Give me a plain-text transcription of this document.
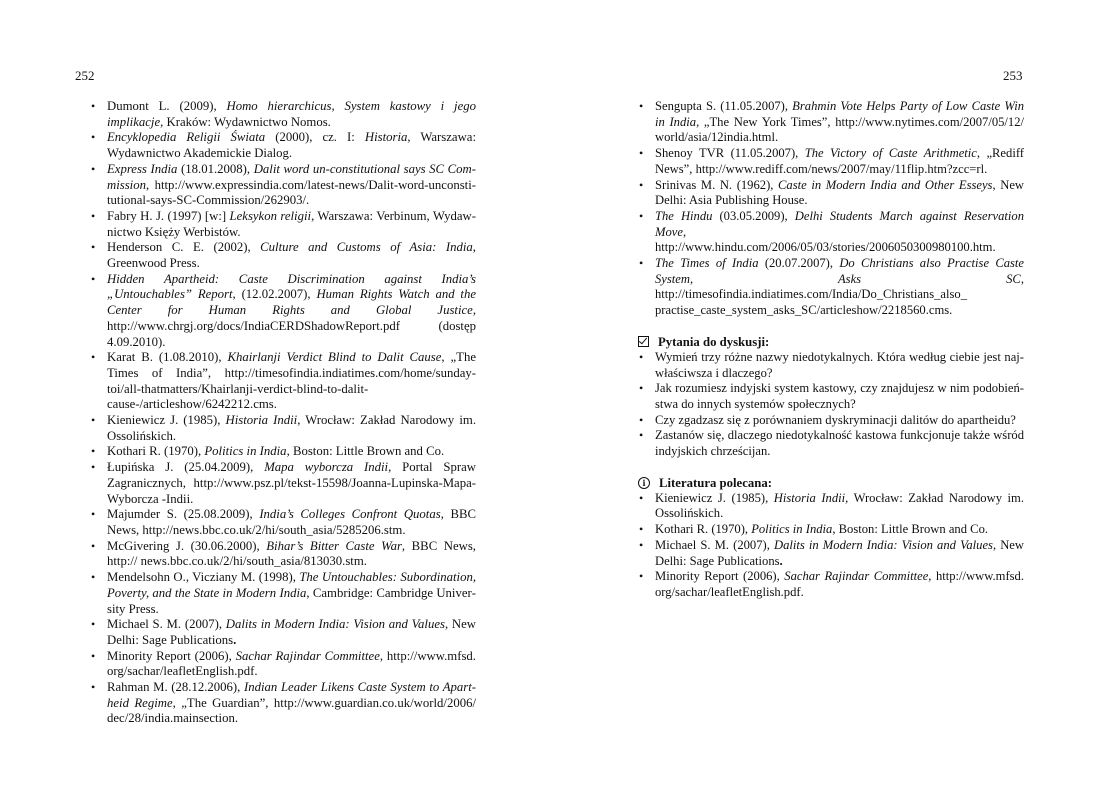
252
• Dumont L. (2009), Homo hierarchicus, System kastowy i jego implikacje, Kraków: Wydawnictwo Nomos.
• Encyklopedia Religii Świata (2000), cz. I: Historia, Warszawa: Wydawnictwo Akademickie Dialog.
• Express India (18.01.2008), Dalit word un-constitutional says SC Commission, http://www.expressindia.com/latest-news/Dalit-word-unconstitutional-says-SC-Commission/262903/.
• Fabry H. J. (1997) [w:] Leksykon religii, Warszawa: Verbinum, Wydawnictwo Księży Werbistów.
• Henderson C. E. (2002), Culture and Customs of Asia: India, Greenwood Press.
• Hidden Apartheid: Caste Discrimination against India’s „Untouchables” Report, (12.02.2007), Human Rights Watch and the Center for Human Rights and Global Justice, http://www.chrgj.org/docs/IndiaCERDShadowReport.pdf (dostęp 4.09.2010).
• Karat B. (1.08.2010), Khairlanji Verdict Blind to Dalit Cause, „The Times of India”, http://timesofindia.indiatimes.com/home/sunday-toi/all-thatmatters/Khairlanji-verdict-blind-to-dalit-cause-/articleshow/6242212.cms.
• Kieniewicz J. (1985), Historia Indii, Wrocław: Zakład Narodowy im. Ossolińskich.
• Kothari R. (1970), Politics in India, Boston: Little Brown and Co.
• Łupińska J. (25.04.2009), Mapa wyborcza Indii, Portal Spraw Zagranicznych, http://www.psz.pl/tekst-15598/Joanna-Lupinska-Mapa-Wyborcza -Indii.
• Majumder S. (25.08.2009), India’s Colleges Confront Quotas, BBC News, http://news.bbc.co.uk/2/hi/south_asia/5285206.stm.
• McGivering J. (30.06.2000), Bihar’s Bitter Caste War, BBC News, http:// news.bbc.co.uk/2/hi/south_asia/813030.stm.
• Mendelsohn O., Vicziany M. (1998), The Untouchables: Subordination, Poverty, and the State in Modern India, Cambridge: Cambridge University Press.
• Michael S. M. (2007), Dalits in Modern India: Vision and Values, New Delhi: Sage Publications.
• Minority Report (2006), Sachar Rajindar Committee, http://www.mfsd. org/sachar/leafletEnglish.pdf.
• Rahman M. (28.12.2006), Indian Leader Likens Caste System to Apartheid Regime, „The Guardian”, http://www.guardian.co.uk/world/2006/ dec/28/india.mainsection.
253
• Sengupta S. (11.05.2007), Brahmin Vote Helps Party of Low Caste Win in India, „The New York Times”, http://www.nytimes.com/2007/05/12/ world/asia/12india.html.
• Shenoy TVR (11.05.2007), The Victory of Caste Arithmetic, „Rediff News”, http://www.rediff.com/news/2007/may/11flip.htm?zcc=rl.
• Srinivas M. N. (1962), Caste in Modern India and Other Esseys, New Delhi: Asia Publishing House.
• The Hindu (03.05.2009), Delhi Students March against Reservation Move, http://www.hindu.com/2006/05/03/stories/2006050300980100.htm.
• The Times of India (20.07.2007), Do Christians also Practise Caste System, Asks SC, http://timesofindia.indiatimes.com/India/Do_Christians_also_ practise_caste_system_asks_SC/articleshow/2218560.cms.
Pytania do dyskusji:
• Wymień trzy różne nazwy niedotykalnych. Która według ciebie jest najwłaściwsza i dlaczego?
• Jak rozumiesz indyjski system kastowy, czy znajdujesz w nim podobieństwa do innych systemów społecznych?
• Czy zgadzasz się z porównaniem dyskryminacji dalitów do apartheidu?
• Zastanów się, dlaczego niedotykalność kastowa funkcjonuje także wśród indyjskich chrześcijan.
i	Literatura polecana:
• Kieniewicz J. (1985), Historia Indii, Wrocław: Zakład Narodowy im. Ossolińskich.
• Kothari R. (1970), Politics in India, Boston: Little Brown and Co.
• Michael S. M. (2007), Dalits in Modern India: Vision and Values, New Delhi: Sage Publications.
• Minority Report (2006), Sachar Rajindar Committee, http://www.mfsd. org/sachar/leafletEnglish.pdf.
